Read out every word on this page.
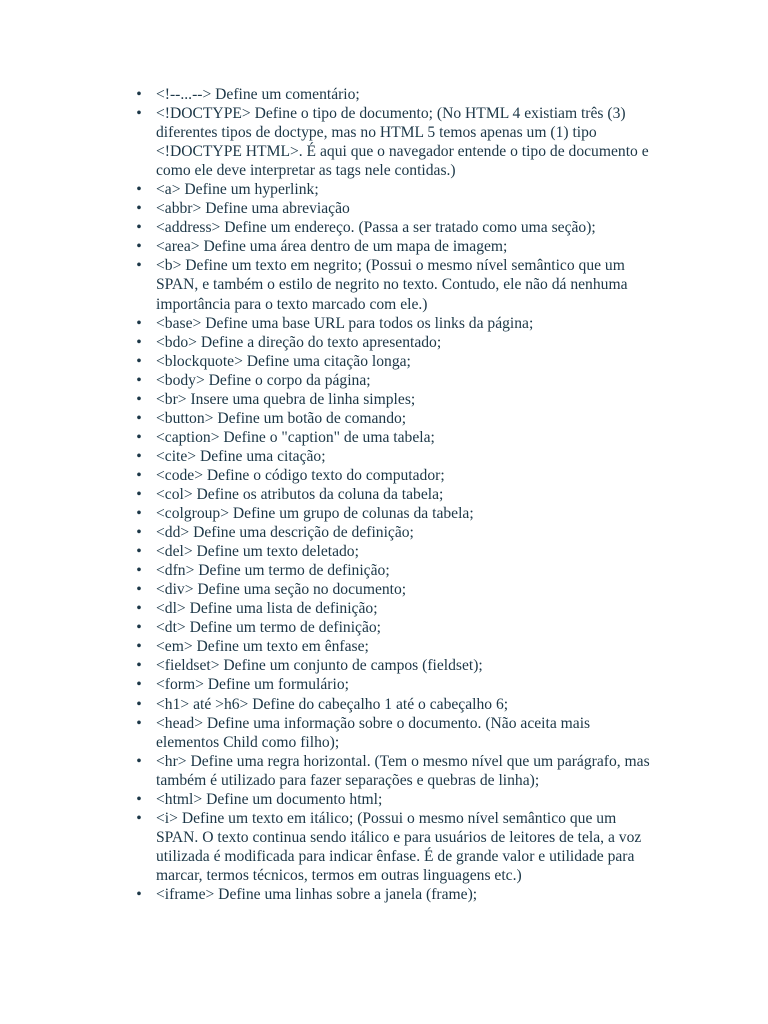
• <!--...--> Define um comentário;
• <!DOCTYPE> Define o tipo de documento; (No HTML 4 existiam três (3) diferentes tipos de doctype, mas no HTML 5 temos apenas um (1) tipo <!DOCTYPE HTML>. É aqui que o navegador entende o tipo de documento e como ele deve interpretar as tags nele contidas.)
• <a> Define um hyperlink;
• <abbr> Define uma abreviação
• <address> Define um endereço. (Passa a ser tratado como uma seção);
• <area> Define uma área dentro de um mapa de imagem;
• <b> Define um texto em negrito; (Possui o mesmo nível semântico que um SPAN, e também o estilo de negrito no texto. Contudo, ele não dá nenhuma importância para o texto marcado com ele.)
• <base> Define uma base URL para todos os links da página;
• <bdo> Define a direção do texto apresentado;
• <blockquote> Define uma citação longa;
• <body> Define o corpo da página;
• <br> Insere uma quebra de linha simples;
• <button> Define um botão de comando;
• <caption> Define o "caption" de uma tabela;
• <cite> Define uma citação;
• <code> Define o código texto do computador;
• <col> Define os atributos da coluna da tabela;
• <colgroup> Define um grupo de colunas da tabela;
• <dd> Define uma descrição de definição;
• <del> Define um texto deletado;
• <dfn> Define um termo de definição;
• <div> Define uma seção no documento;
• <dl> Define uma lista de definição;
• <dt> Define um termo de definição;
• <em> Define um texto em ênfase;
• <fieldset> Define um conjunto de campos (fieldset);
• <form> Define um formulário;
• <h1> até >h6> Define do cabeçalho 1 até o cabeçalho 6;
• <head> Define uma informação sobre o documento. (Não aceita mais elementos Child como filho);
• <hr> Define uma regra horizontal. (Tem o mesmo nível que um parágrafo, mas também é utilizado para fazer separações e quebras de linha);
• <html> Define um documento html;
• <i> Define um texto em itálico; (Possui o mesmo nível semântico que um SPAN. O texto continua sendo itálico e para usuários de leitores de tela, a voz utilizada é modificada para indicar ênfase. É de grande valor e utilidade para marcar, termos técnicos, termos em outras linguagens etc.)
• <iframe> Define uma linhas sobre a janela (frame);
